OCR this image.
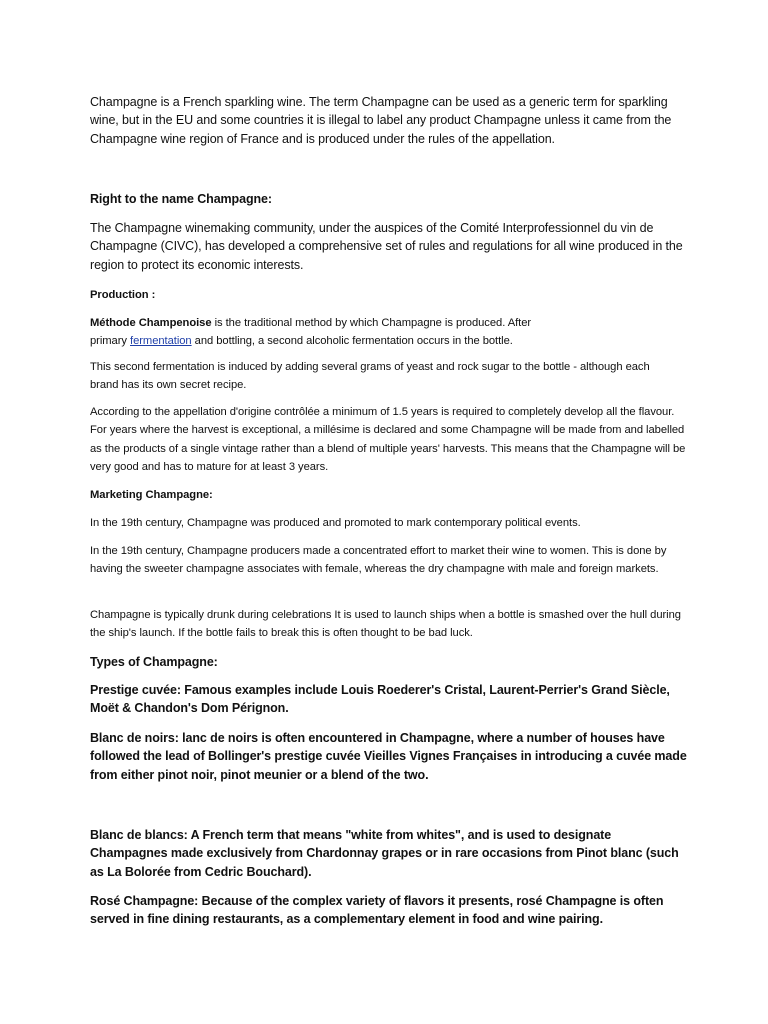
Champagne is a French sparkling wine. The term Champagne can be used as a generic term for sparkling wine, but in the EU and some countries it is illegal to label any product Champagne unless it came from the Champagne wine region of France and is produced under the rules of the appellation.

Right to the name Champagne:

The Champagne winemaking community, under the auspices of the Comité Interprofessionnel du vin de Champagne (CIVC), has developed a comprehensive set of rules and regulations for all wine produced in the region to protect its economic interests.

Production :

Méthode Champenoise is the traditional method by which Champagne is produced. After primary fermentation and bottling, a second alcoholic fermentation occurs in the bottle.

This second fermentation is induced by adding several grams of yeast and rock sugar to the bottle - although each brand has its own secret recipe.

According to the appellation d'origine contrôlée a minimum of 1.5 years is required to completely develop all the flavour. For years where the harvest is exceptional, a millésime is declared and some Champagne will be made from and labelled as the products of a single vintage rather than a blend of multiple years' harvests. This means that the Champagne will be very good and has to mature for at least 3 years.

Marketing Champagne:

In the 19th century, Champagne was produced and promoted to mark contemporary political events.

In the 19th century, Champagne producers made a concentrated effort to market their wine to women. This is done by having the sweeter champagne associates with female, whereas the dry champagne with male and foreign markets.

Champagne is typically drunk during celebrations It is used to launch ships when a bottle is smashed over the hull during the ship's launch. If the bottle fails to break this is often thought to be bad luck.

Types of Champagne:

Prestige cuvée: Famous examples include Louis Roederer's Cristal, Laurent-Perrier's Grand Siècle, Moët & Chandon's Dom Pérignon.

Blanc de noirs: lanc de noirs is often encountered in Champagne, where a number of houses have followed the lead of Bollinger's prestige cuvée Vieilles Vignes Françaises in introducing a cuvée made from either pinot noir, pinot meunier or a blend of the two.

Blanc de blancs: A French term that means "white from whites", and is used to designate Champagnes made exclusively from Chardonnay grapes or in rare occasions from Pinot blanc (such as La Bolorée from Cedric Bouchard).

Rosé Champagne: Because of the complex variety of flavors it presents, rosé Champagne is often served in fine dining restaurants, as a complementary element in food and wine pairing.
